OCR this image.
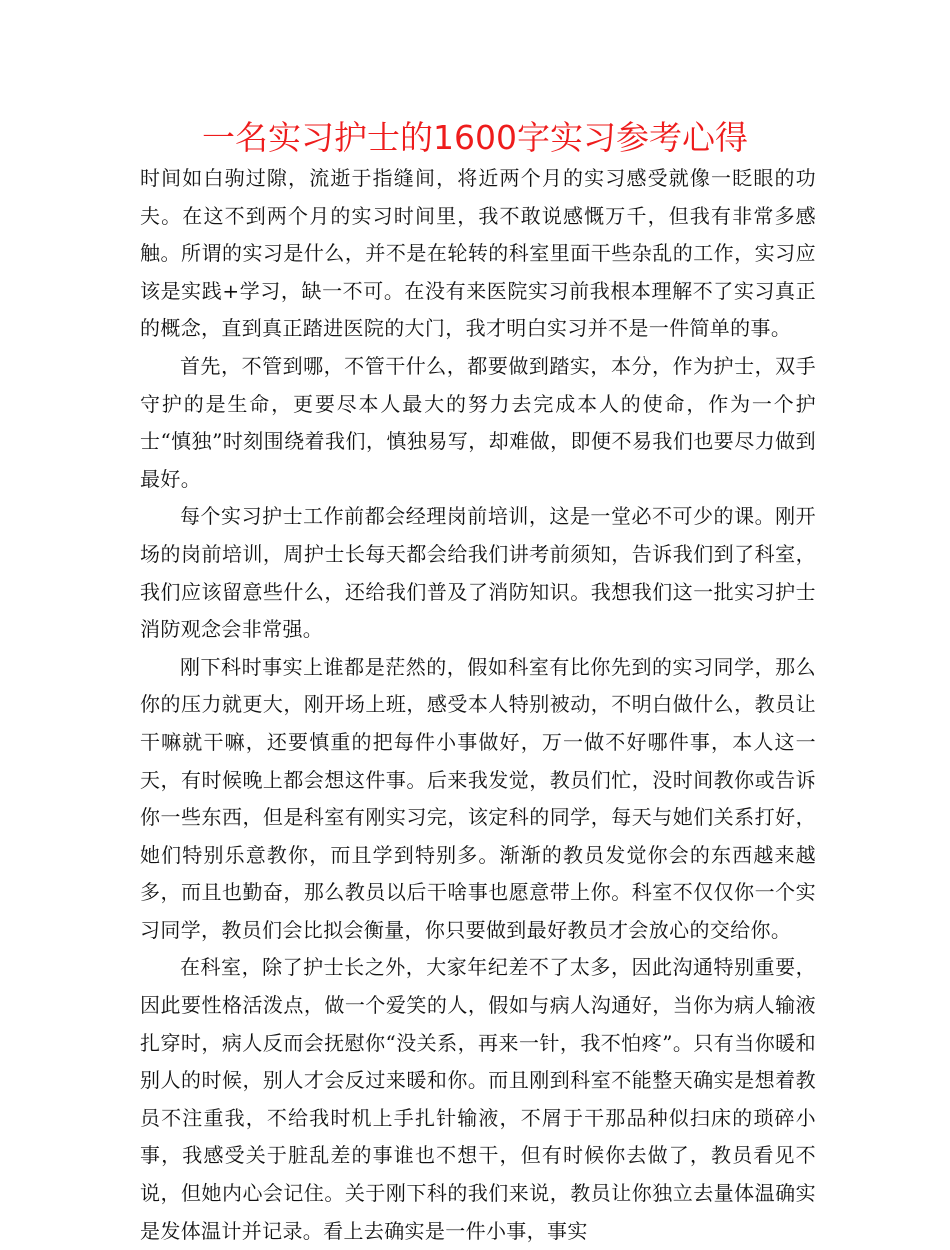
一名实习护士的1600字实习参考心得

时间如白驹过隙，流逝于指缝间，将近两个月的实习感受就像一眨眼的功夫。在这不到两个月的实习时间里，我不敢说感慨万千，但我有非常多感触。所谓的实习是什么，并不是在轮转的科室里面干些杂乱的工作，实习应该是实践+学习，缺一不可。在没有来医院实习前我根本理解不了实习真正的概念，直到真正踏进医院的大门，我才明白实习并不是一件简单的事。

首先，不管到哪，不管干什么，都要做到踏实，本分，作为护士，双手守护的是生命，更要尽本人最大的努力去完成本人的使命，作为一个护士“慎独”时刻围绕着我们，慎独易写，却难做，即便不易我们也要尽力做到最好。

每个实习护士工作前都会经理岗前培训，这是一堂必不可少的课。刚开场的岗前培训，周护士长每天都会给我们讲考前须知，告诉我们到了科室，我们应该留意些什么，还给我们普及了消防知识。我想我们这一批实习护士消防观念会非常强。

刚下科时事实上谁都是茫然的，假如科室有比你先到的实习同学，那么你的压力就更大，刚开场上班，感受本人特别被动，不明白做什么，教员让干嘛就干嘛，还要慎重的把每件小事做好，万一做不好哪件事，本人这一天，有时候晚上都会想这件事。后来我发觉，教员们忙，没时间教你或告诉你一些东西，但是科室有刚实习完，该定科的同学，每天与她们关系打好，她们特别乐意教你，而且学到特别多。渐渐的教员发觉你会的东西越来越多，而且也勤奋，那么教员以后干啥事也愿意带上你。科室不仅仅你一个实习同学，教员们会比拟会衡量，你只要做到最好教员才会放心的交给你。

在科室，除了护士长之外，大家年纪差不了太多，因此沟通特别重要，因此要性格活泼点，做一个爱笑的人，假如与病人沟通好，当你为病人输液扎穿时，病人反而会抚慰你“没关系，再来一针，我不怕疼”。只有当你暖和别人的时候，别人才会反过来暖和你。而且刚到科室不能整天确实是想着教员不注重我，不给我时机上手扎针输液，不屑于干那品种似扫床的琐碎小事，我感受关于脏乱差的事谁也不想干，但有时候你去做了，教员看见不说，但她内心会记住。关于刚下科的我们来说，教员让你独立去量体温确实是发体温计并记录。看上去确实是一件小事，事实
